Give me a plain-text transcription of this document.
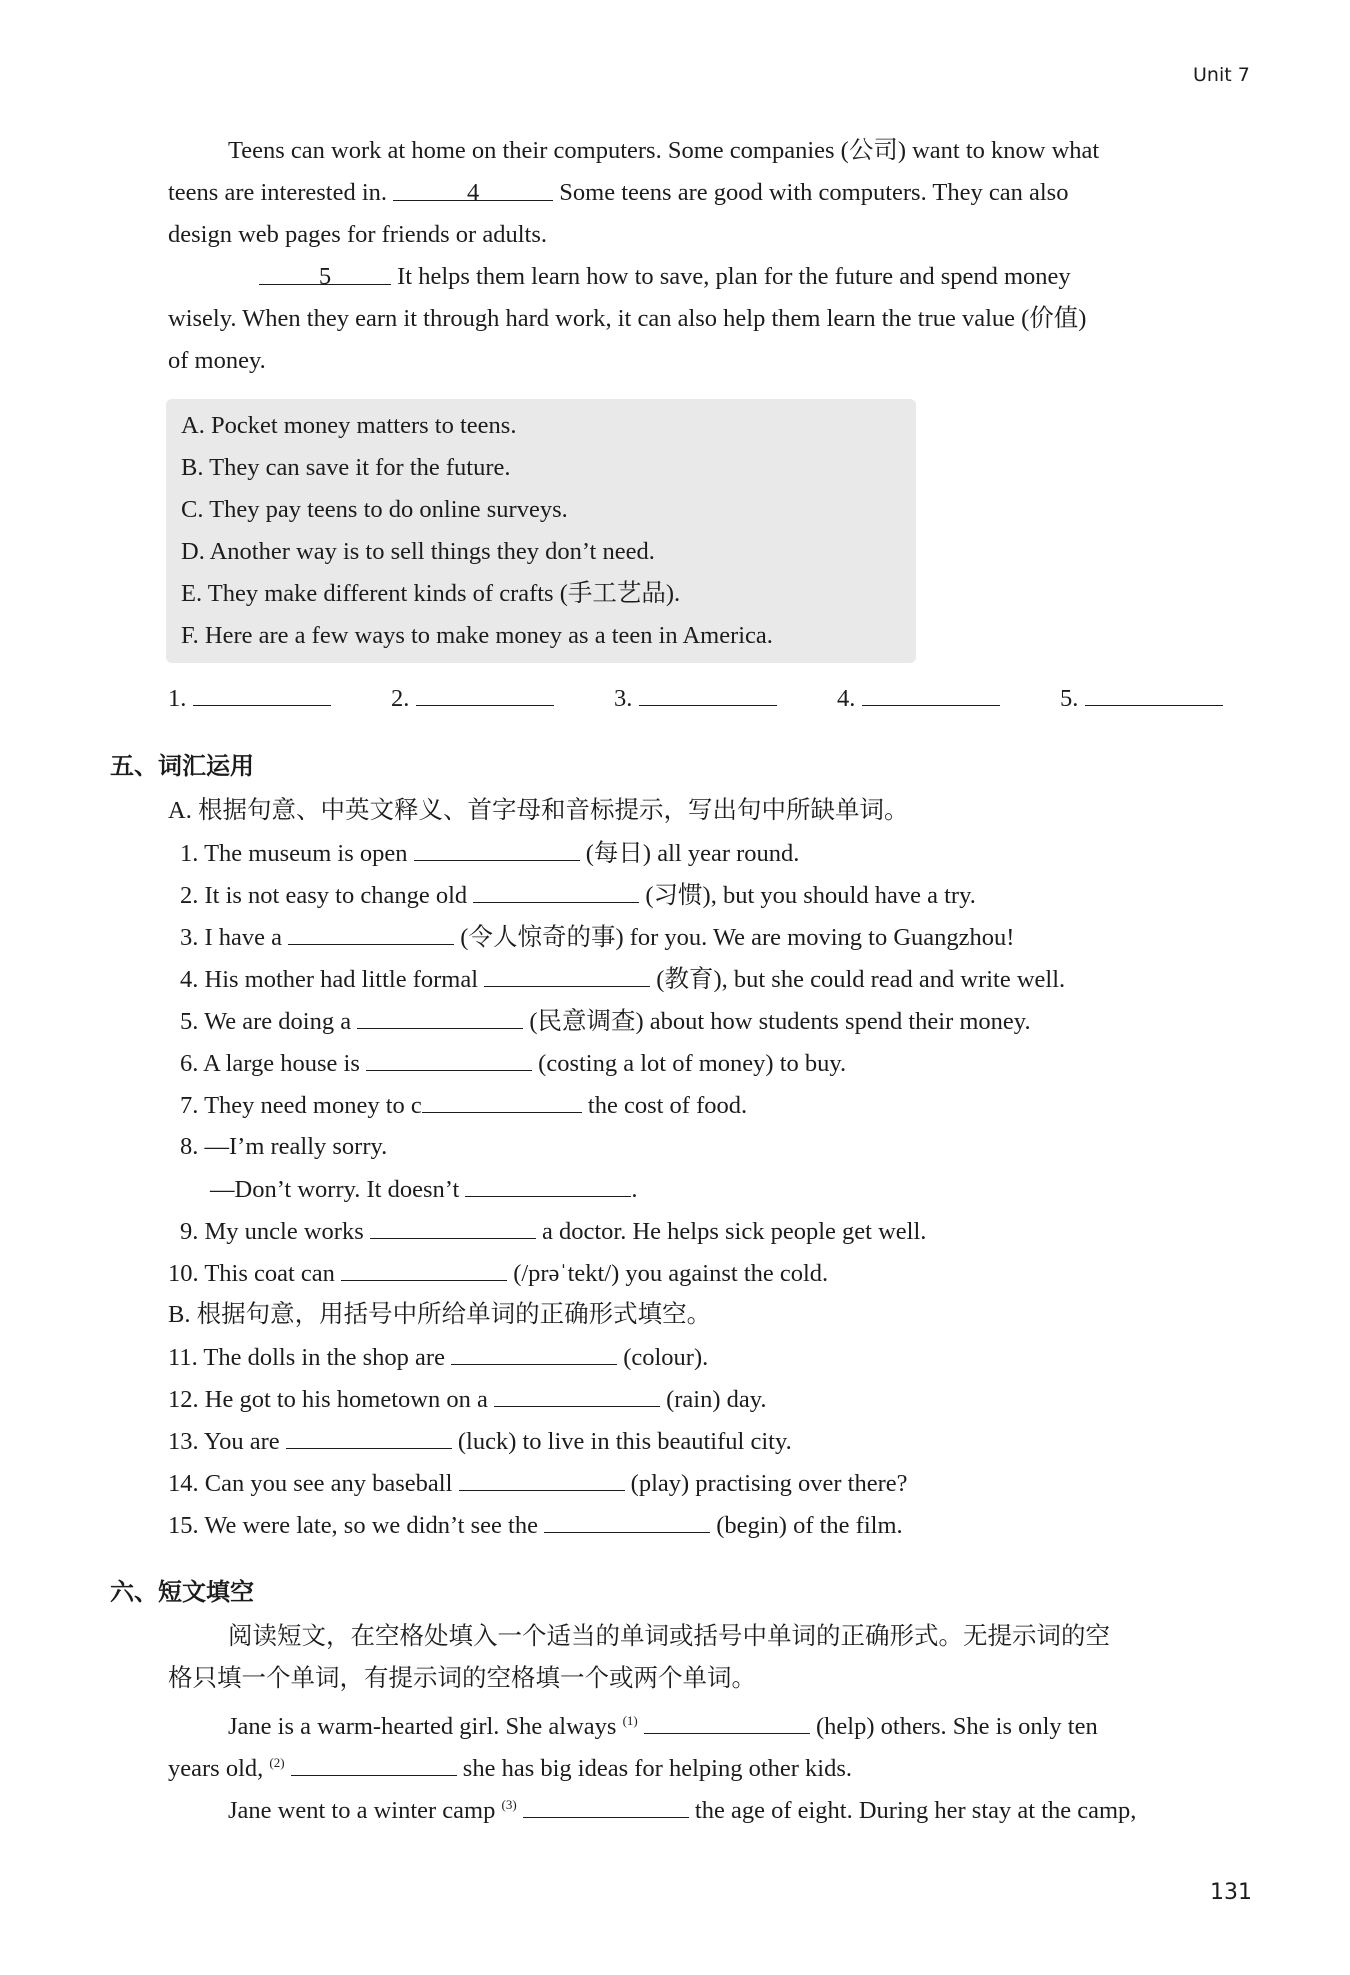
Unit 7
Teens can work at home on their computers. Some companies (公司) want to know what
teens are interested in.	4	Some teens are good with computers. They can also
design web pages for friends or adults.
5	It helps them learn how to save, plan for the future and spend money
wisely. When they earn it through hard work, it can also help them learn the true value (价值)
of money.
A. Pocket money matters to teens.
B. They can save it for the future.
C. They pay teens to do online surveys.
D. Another way is to sell things they don’t need.
E. They make different kinds of crafts (手工艺品).
F. Here are a few ways to make money as a teen in America.
1.	2.	3.	4.	5.
五、词汇运用
A. 根据句意、中英文释义、首字母和音标提示，写出句中所缺单词。
1. The museum is open	(每日) all year round.
2. It is not easy to change old	(习惯), but you should have a try.
3. I have a	(令人惊奇的事) for you. We are moving to Guangzhou!
4. His mother had little formal	(教育), but she could read and write well.
5. We are doing a	(民意调查) about how students spend their money.
6. A large house is	(costing a lot of money) to buy.
7. They need money to c	the cost of food.
8. —I’m really sorry.
—Don’t worry. It doesn’t	.
9. My uncle works	a doctor. He helps sick people get well.
10. This coat can	(/prəˈtekt/) you against the cold.
B. 根据句意，用括号中所给单词的正确形式填空。
11. The dolls in the shop are	(colour).
12. He got to his hometown on a	(rain) day.
13. You are	(luck) to live in this beautiful city.
14. Can you see any baseball	(play) practising over there?
15. We were late, so we didn’t see the	(begin) of the film.
六、短文填空
阅读短文，在空格处填入一个适当的单词或括号中单词的正确形式。无提示词的空
格只填一个单词，有提示词的空格填一个或两个单词。
Jane is a warm-hearted girl. She always $^{(1)}$	(help) others. She is only ten
years old, $^{(2)}$	she has big ideas for helping other kids.
Jane went to a winter camp $^{(3)}$	the age of eight. During her stay at the camp,
131
